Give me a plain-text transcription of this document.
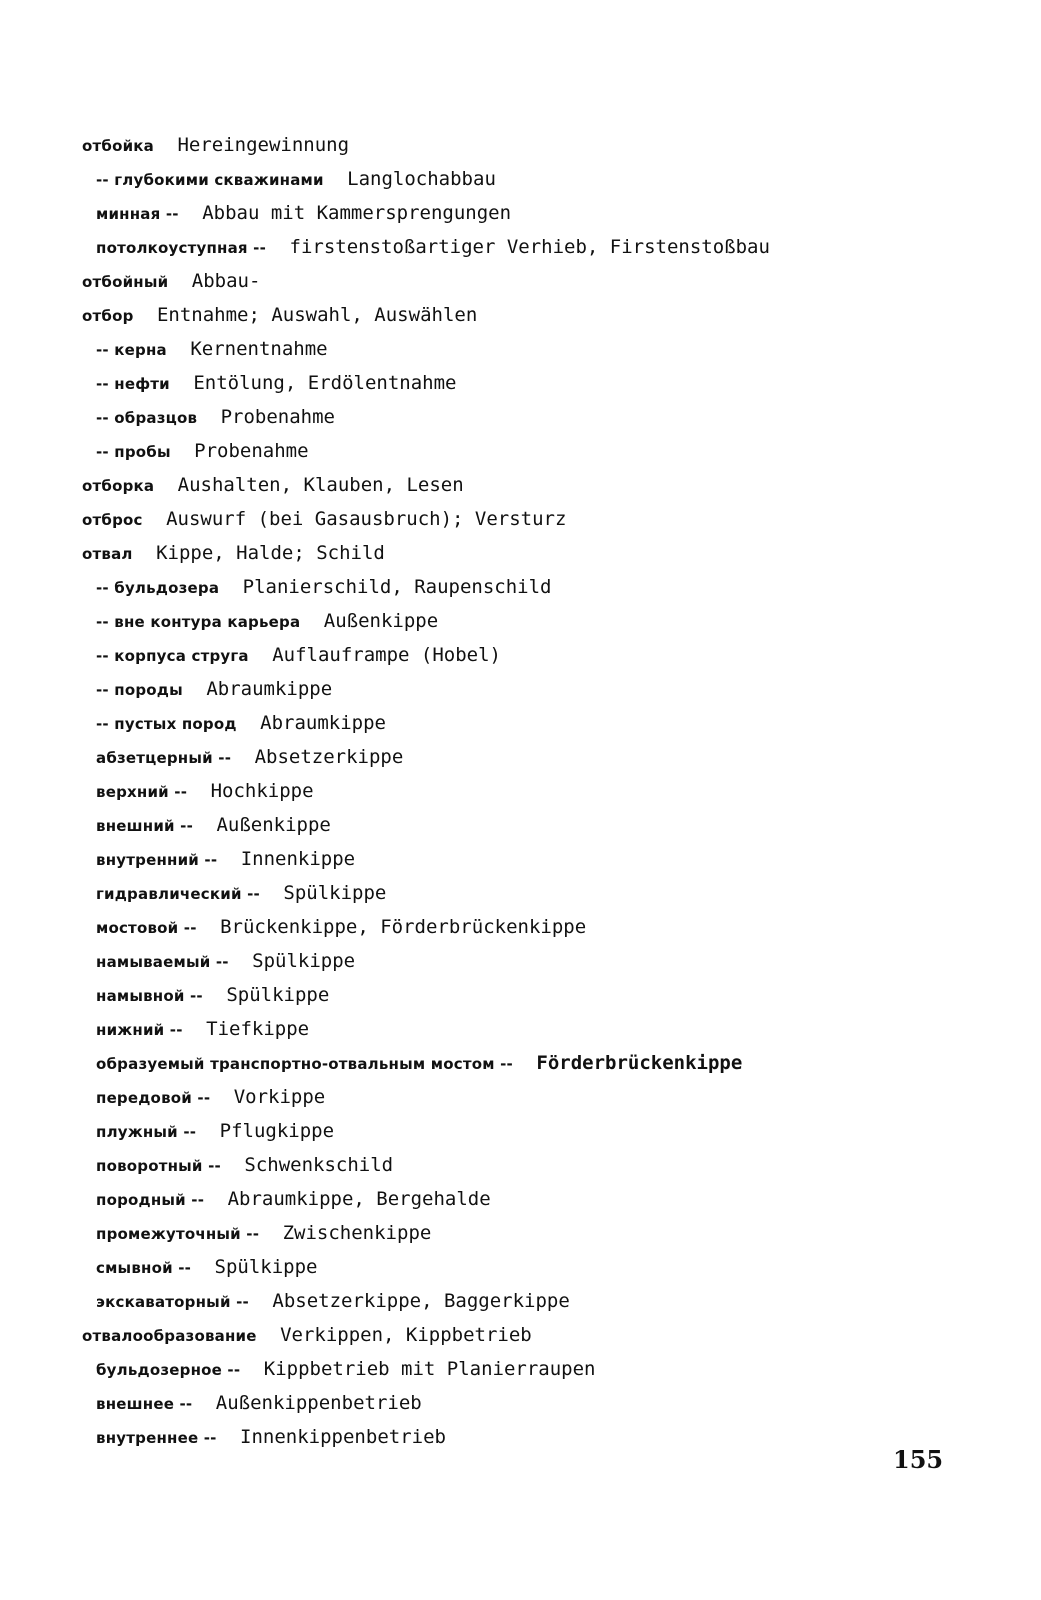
отбойка Hereingewinnung
-- глубокими скважинами Langlochabbau
минная -- Abbau mit Kammersprengungen
потолкоуступная -- firstenstoßartiger Verhieb, Firstenstoßbau
отбойный Abbau-
отбор Entnahme; Auswahl, Auswählen
-- керна Kernentnahme
-- нефти Entölung, Erdölentnahme
-- образцов Probenahme
-- пробы Probenahme
отборка Aushalten, Klauben, Lesen
отброс Auswurf (bei Gasausbruch); Versturz
отвал Kippe, Halde; Schild
-- бульдозера Planierschild, Raupenschild
-- вне контура карьера Außenkippe
-- корпуса струга Auflauframpe (Hobel)
-- породы Abraumkippe
-- пустых пород Abraumkippe
абзетцерный -- Absetzerkippe
верхний -- Hochkippe
внешний -- Außenkippe
внутренний -- Innenkippe
гидравлический -- Spülkippe
мостовой -- Brückenkippe, Förderbrückenkippe
намываемый -- Spülkippe
намывной -- Spülkippe
нижний -- Tiefkippe
образуемый транспортно-отвальным мостом -- Förderbrückenkippe
передовой -- Vorkippe
плужный -- Pflugkippe
поворотный -- Schwenkschild
породный -- Abraumkippe, Bergehalde
промежуточный -- Zwischenkippe
смывной -- Spülkippe
экскаваторный -- Absetzerkippe, Baggerkippe
отвалообразование Verkippen, Kippbetrieb
бульдозерное -- Kippbetrieb mit Planierraupen
внешнее -- Außenkippenbetrieb
внутреннее -- Innenkippenbetrieb
155
